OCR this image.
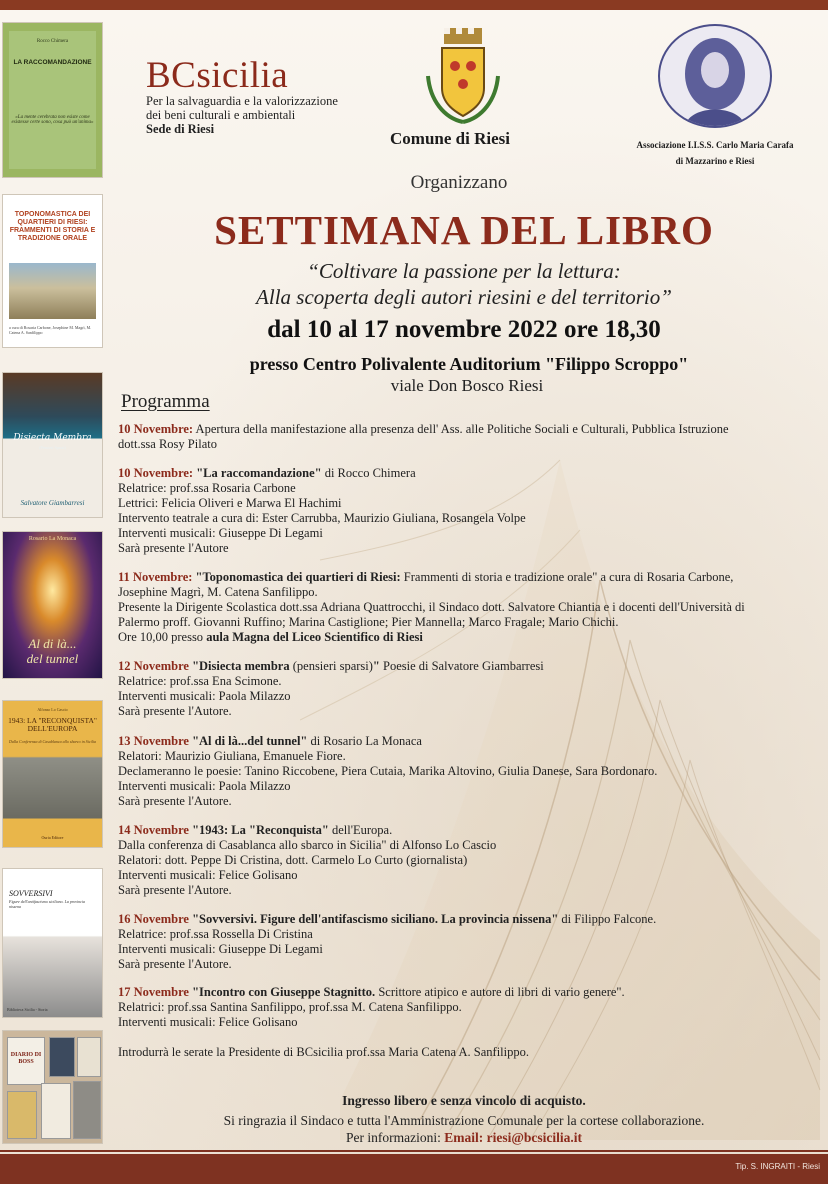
Rocco Chimera
LA RACCOMANDAZIONE
«La mente cerebrata non esiste come esistesse certe sono, cosa può un'anima»
TOPONOMASTICA DEI QUARTIERI DI RIESI: FRAMMENTI DI STORIA E TRADIZIONE ORALE
a cura di Rosaria Carbone, Josephine M. Magrì, M. Catena A. Sanfilippo
Disiecta Membra
(Pensieri Sparsi)
Salvatore Giambarresi
Rosario La Monaca
Al di là...
del tunnel
Alfonso Lo Cascio
1943: LA "RECONQUISTA" DELL'EUROPA
Dalla Conferenza di Casablanca allo sbarco in Sicilia
Ouria Editore
SOVVERSIVI
Figure dell'antifascismo siciliano. La provincia nissena
Biblioteca Sicilia - Storia
DIARIO DI BOSS
BCsicilia
Per la salvaguardia e la valorizzazione
dei beni culturali e ambientali
Sede di Riesi	Comune di Riesi	Associazione I.I.S.S. Carlo Maria Carafa
di Mazzarino e Riesi
Organizzano
SETTIMANA DEL LIBRO
“Coltivare la passione per la lettura:
Alla scoperta degli autori riesini e del territorio”
dal 10 al 17 novembre 2022 ore 18,30
presso Centro Polivalente Auditorium "Filippo Scroppo"
viale Don Bosco Riesi
Programma
10 Novembre: Apertura della manifestazione alla presenza dell' Ass. alle Politiche Sociali e Culturali, Pubblica Istruzione
dott.ssa Rosy Pilato
10 Novembre: "La raccomandazione" di Rocco Chimera
Relatrice: prof.ssa Rosaria Carbone
Lettrici: Felicia Oliveri e Marwa El Hachimi
Intervento teatrale a cura di: Ester Carrubba, Maurizio Giuliana, Rosangela Volpe
Interventi musicali: Giuseppe Di Legami
Sarà presente l'Autore
11 Novembre: "Toponomastica dei quartieri di Riesi: Frammenti di storia e tradizione orale" a cura di Rosaria Carbone,
Josephine Magrì, M. Catena Sanfilippo.
Presente la Dirigente Scolastica dott.ssa Adriana Quattrocchi, il Sindaco dott. Salvatore Chiantia e i docenti dell'Università di
Palermo proff. Giovanni Ruffino; Marina Castiglione; Pier Mannella; Marco Fragale; Mario Chichi.
Ore 10,00 presso aula Magna del Liceo Scientifico di Riesi
12 Novembre "Disiecta membra (pensieri sparsi)" Poesie di Salvatore Giambarresi
Relatrice: prof.ssa Ena Scimone.
Interventi musicali: Paola Milazzo
Sarà presente l'Autore.
13 Novembre "Al di là...del tunnel" di Rosario La Monaca
Relatori: Maurizio Giuliana, Emanuele Fiore.
Declameranno le poesie: Tanino Riccobene, Piera Cutaia, Marika Altovino, Giulia Danese, Sara Bordonaro.
Interventi musicali: Paola Milazzo
Sarà presente l'Autore.
14 Novembre "1943: La "Reconquista" dell'Europa.
Dalla conferenza di Casablanca allo sbarco in Sicilia" di Alfonso Lo Cascio
Relatori: dott. Peppe Di Cristina, dott. Carmelo Lo Curto (giornalista)
Interventi musicali: Felice Golisano
Sarà presente l'Autore.
16 Novembre "Sovversivi. Figure dell'antifascismo siciliano. La provincia nissena" di Filippo Falcone.
Relatrice: prof.ssa Rossella Di Cristina
Interventi musicali: Giuseppe Di Legami
Sarà presente l'Autore.
17 Novembre "Incontro con Giuseppe Stagnitto. Scrittore atipico e autore di libri di vario genere".
Relatrici: prof.ssa Santina Sanfilippo, prof.ssa M. Catena Sanfilippo.
Interventi musicali: Felice Golisano
Introdurrà le serate la Presidente di BCsicilia prof.ssa Maria Catena A. Sanfilippo.
Ingresso libero e senza vincolo di acquisto.
Si ringrazia il Sindaco e tutta l'Amministrazione Comunale per la cortese collaborazione.
Per informazioni: Email: riesi@bcsicilia.it
Tip. S. INGRAITI - Riesi
